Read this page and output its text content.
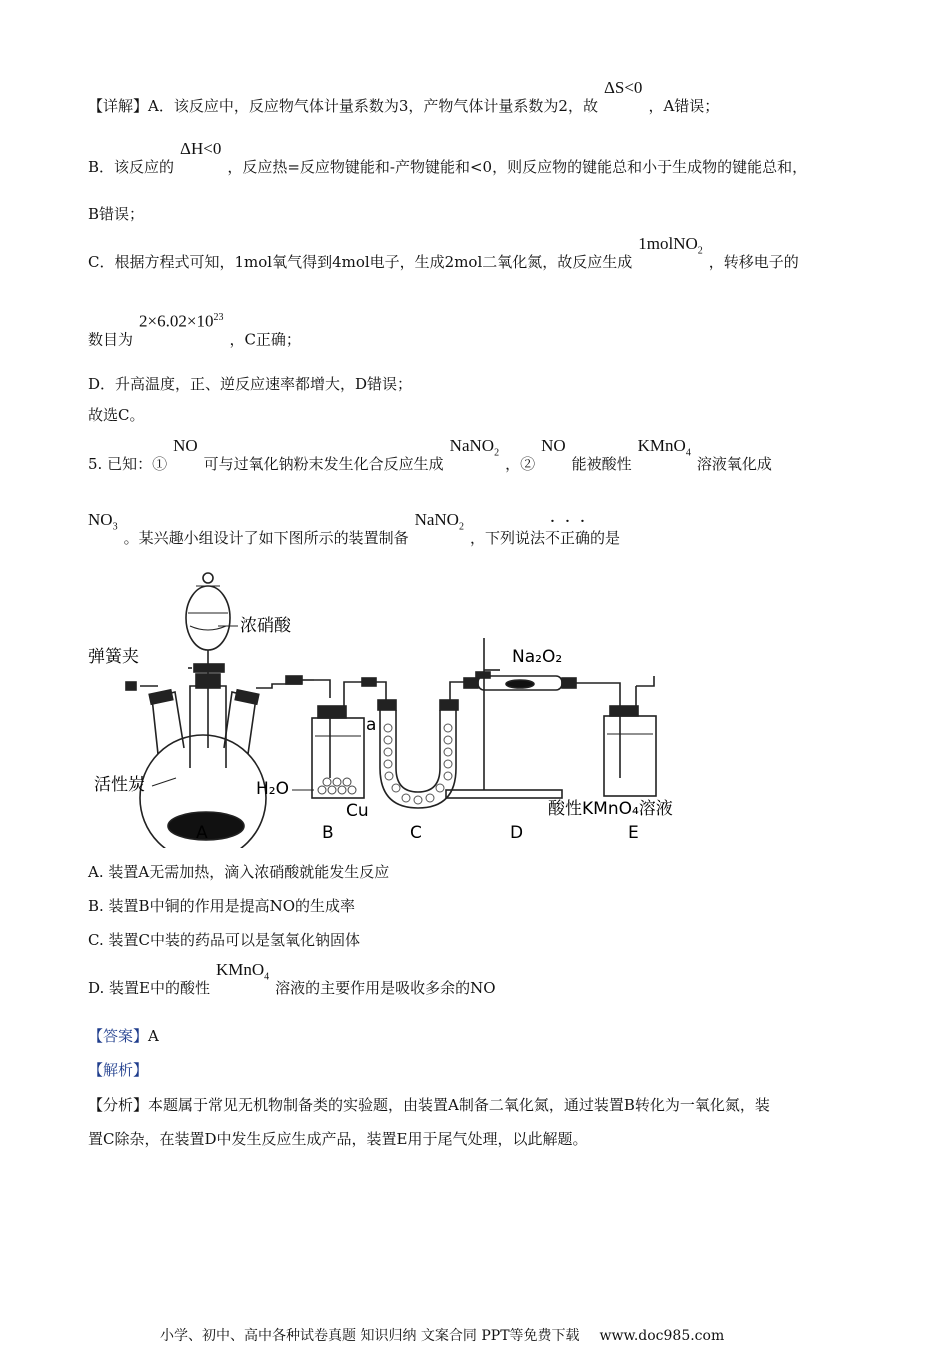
【详解】A．该反应中，反应物气体计量系数为3，产物气体计量系数为2，故ΔS<0，A错误；
B．该反应的ΔH<0，反应热=反应物键能和-产物键能和<0，则反应物的键能总和小于生成物的键能总和，
B错误；
C．根据方程式可知，1mol氧气得到4mol电子，生成2mol二氧化氮，故反应生成1molNO$_2$，转移电子的
数目为$2\times 6.02\times 10^{23}$，C正确；
D．升高温度，正、逆反应速率都增大，D错误；
故选C。
5. 已知：①NO可与过氧化钠粉末发生化合反应生成NaNO$_2$，②NO能被酸性KMnO$_4$溶液氧化成
$NO_3$。某兴趣小组设计了如下图所示的装置制备NaNO$_2$，下列说法不正确的是
浓硝酸
弹簧夹
活性炭	H₂O
Cu
a
Na₂O₂
酸性KMnO₄溶液
A	B	C	D	E
A. 装置A无需加热，滴入浓硝酸就能发生反应
B. 装置B中铜的作用是提高NO的生成率
C. 装置C中装的药品可以是氢氧化钠固体
D. 装置E中的酸性KMnO$_4$溶液的主要作用是吸收多余的NO
【答案】A
【解析】
【分析】本题属于常见无机物制备类的实验题，由装置A制备二氧化氮，通过装置B转化为一氧化氮，装
置C除杂，在装置D中发生反应生成产品，装置E用于尾气处理，以此解题。
小学、初中、高中各种试卷真题 知识归纳 文案合同 PPT等免费下载 www.doc985.com
